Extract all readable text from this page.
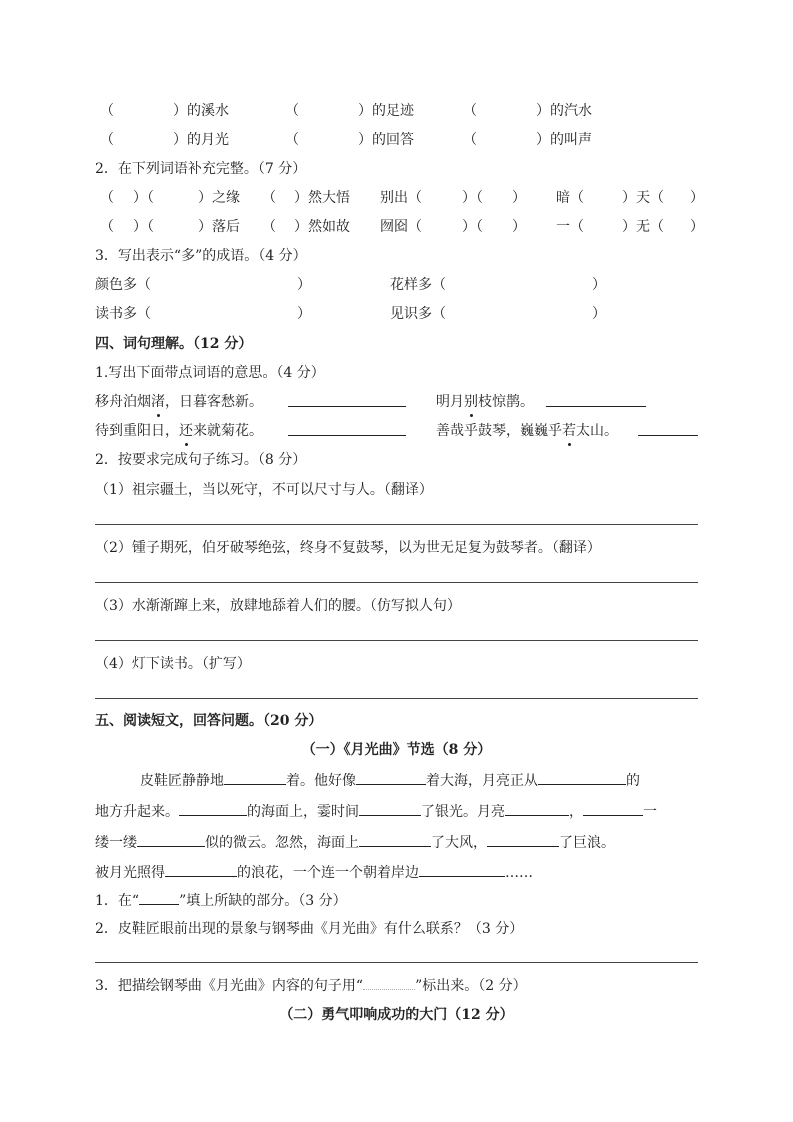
（	）的溪水	（	）的足迹	（	）的汽水
（	）的月光	（	）的回答	（	）的叫声
2．在下列词语补充完整。（7 分）
（ ）（	）之缘 （ ）然大悟 别出（	）（ ） 暗（	）天（ ）
（ ）（	）落后 （ ）然如故 囫囵（	）（ ） 一（	）无（ ）
3．写出表示“多”的成语。（4 分）
颜色多（	）	花样多（	）
读书多（	）	见识多（	）
四、词句理解。（12 分）
1.写出下面带点词语的意思。（4 分）
移舟泊烟渚，日暮客愁新。	明月别枝惊鹊。
待到重阳日，还来就菊花。	善哉乎鼓琴，巍巍乎若太山。
2．按要求完成句子练习。（8 分）
（1）祖宗疆土，当以死守，不可以尺寸与人。（翻译）
（2）锺子期死，伯牙破琴绝弦，终身不复鼓琴，以为世无足复为鼓琴者。（翻译）
（3）水渐渐蹿上来，放肆地舔着人们的腰。（仿写拟人句）
（4）灯下读书。（扩写）
五、阅读短文，回答问题。（20 分）
（一）《月光曲》节选（8 分）
皮鞋匠静静地	着。他好像	着大海，月亮正从	的
地方升起来。	的海面上，霎时间	了银光。月亮	，	一
缕一缕	似的微云。忽然，海面上	了大风，	了巨浪。
被月光照得	的浪花，一个连一个朝着岸边	……
1．在“	”填上所缺的部分。（3 分）
2．皮鞋匠眼前出现的景象与钢琴曲《月光曲》有什么联系？（3 分）
3．把描绘钢琴曲《月光曲》内容的句子用“	”标出来。（2 分）
（二）勇气叩响成功的大门（12 分）
